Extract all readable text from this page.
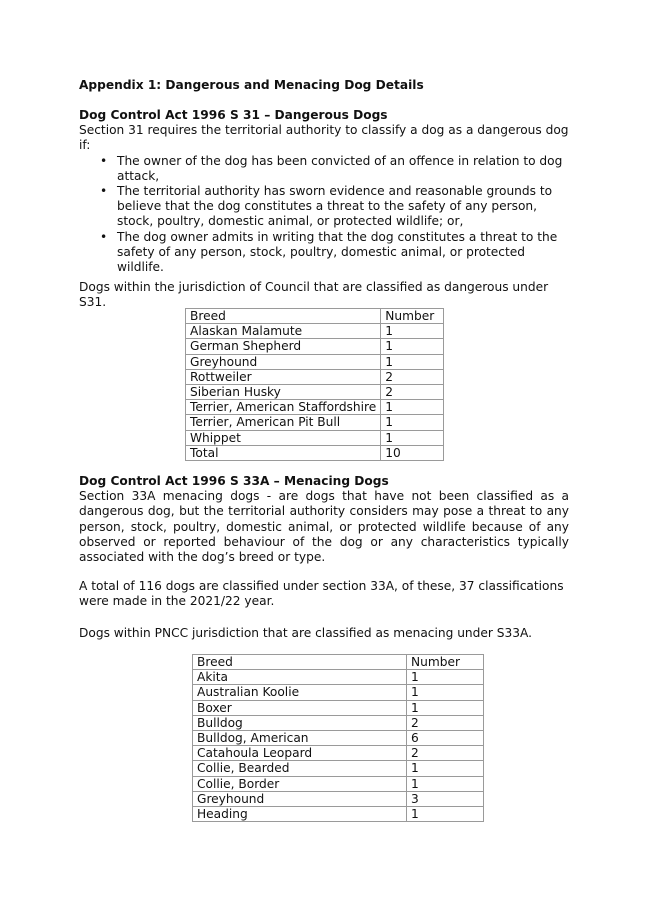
Appendix 1: Dangerous and Menacing Dog Details

Dog Control Act 1996 S 31 – Dangerous Dogs

Section 31 requires the territorial authority to classify a dog as a dangerous dog if:

• The owner of the dog has been convicted of an offence in relation to dog attack,
• The territorial authority has sworn evidence and reasonable grounds to believe that the dog constitutes a threat to the safety of any person, stock, poultry, domestic animal, or protected wildlife; or,
• The dog owner admits in writing that the dog constitutes a threat to the safety of any person, stock, poultry, domestic animal, or protected wildlife.
Dogs within the jurisdiction of Council that are classified as dangerous under S31.
Breed	Number
Alaskan Malamute	1
German Shepherd	1
Greyhound	1
Rottweiler	2
Siberian Husky	2
Terrier, American Staffordshire	1
Terrier, American Pit Bull	1
Whippet	1
Total	10

Dog Control Act 1996 S 33A – Menacing Dogs

Section 33A menacing dogs - are dogs that have not been classified as a dangerous dog, but the territorial authority considers may pose a threat to any person, stock, poultry, domestic animal, or protected wildlife because of any observed or reported behaviour of the dog or any characteristics typically associated with the dog’s breed or type.

A total of 116 dogs are classified under section 33A, of these, 37 classifications were made in the 2021/22 year.
Dogs within PNCC jurisdiction that are classified as menacing under S33A.
Breed	Number
Akita	1
Australian Koolie	1
Boxer	1
Bulldog	2
Bulldog, American	6
Catahoula Leopard	2
Collie, Bearded	1
Collie, Border	1
Greyhound	3
Heading	1
